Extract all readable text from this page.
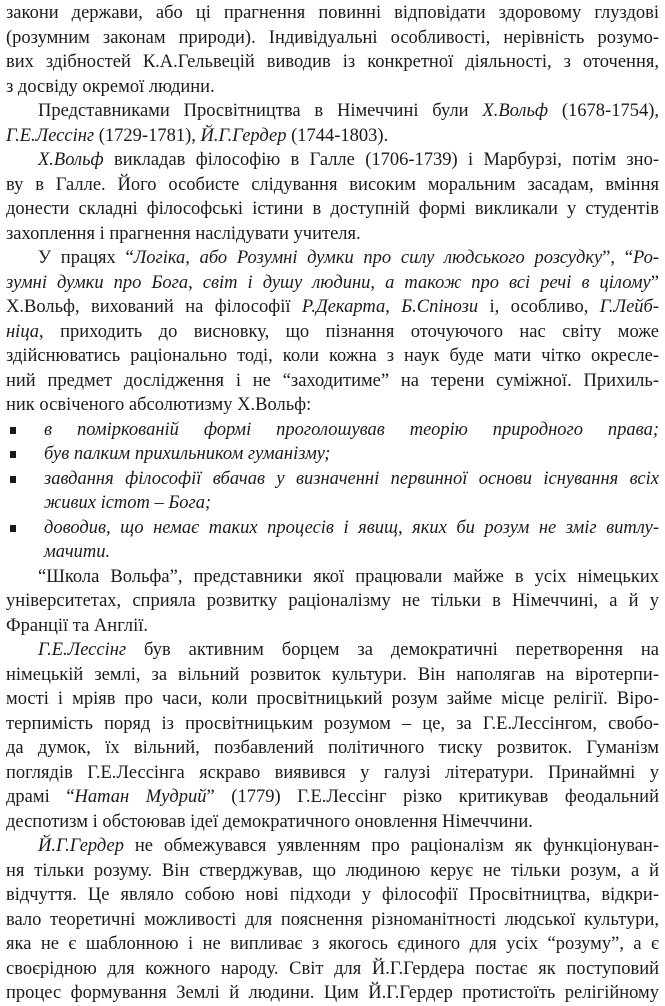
закони держави, або ці прагнення повинні відповідати здоровому глуздові
(розумним законам природи). Індивідуальні особливості, нерівність розумо-
вих здібностей К.А.Гельвецій виводив із конкретної діяльності, з оточення,
з досвіду окремої людини.
Представниками Просвітництва в Німеччині були Х.Вольф (1678-1754),
Г.Е.Лессінг (1729-1781), Й.Г.Гердер (1744-1803).
Х.Вольф викладав філософію в Галле (1706-1739) і Марбурзі, потім зно-
ву в Галле. Його особисте слідування високим моральним засадам, вміння
донести складні філософські істини в доступній формі викликали у студентів
захоплення і прагнення наслідувати учителя.
У працях “Логіка, або Розумні думки про силу людського розсудку”, “Ро-
зумні думки про Бога, світ і душу людини, а також про всі речі в цілому”
Х.Вольф, вихований на філософії Р.Декарта, Б.Спінози і, особливо, Г.Лейб-
ніца, приходить до висновку, що пізнання оточуючого нас світу може
здійснюватись раціонально тоді, коли кожна з наук буде мати чітко окресле-
ний предмет дослідження і не “заходитиме” на терени суміжної. Прихиль-
ник освіченого абсолютизму Х.Вольф:
в поміркованій формі проголошував теорію природного права;
був палким прихильником гуманізму;
завдання філософії вбачав у визначенні первинної основи існування всіх
живих істот – Бога;
доводив, що немає таких процесів і явищ, яких би розум не зміг витлу-
мачити.
“Школа Вольфа”, представники якої працювали майже в усіх німецьких
університетах, сприяла розвитку раціоналізму не тільки в Німеччині, а й у
Франції та Англії.
Г.Е.Лессінг був активним борцем за демократичні перетворення на
німецькій землі, за вільний розвиток культури. Він наполягав на віротерпи-
мості і мріяв про часи, коли просвітницький розум займе місце релігії. Віро-
терпимість поряд із просвітницьким розумом – це, за Г.Е.Лессінгом, свобо-
да думок, їх вільний, позбавлений політичного тиску розвиток. Гуманізм
поглядів Г.Е.Лессінга яскраво виявився у галузі літератури. Принаймні у
драмі “Натан Мудрий” (1779) Г.Е.Лессінг різко критикував феодальний
деспотизм і обстоював ідеї демократичного оновлення Німеччини.
Й.Г.Гердер не обмежувався уявленням про раціоналізм як функціонуван-
ня тільки розуму. Він стверджував, що людиною керує не тільки розум, а й
відчуття. Це являло собою нові підходи у філософії Просвітництва, відкри-
вало теоретичні можливості для пояснення різноманітності людської культури,
яка не є шаблонною і не випливає з якогось єдиного для усіх “розуму”, а є
своєрідною для кожного народу. Світ для Й.Г.Гердера постає як поступовий
процес формування Землі й людини. Цим Й.Г.Гердер протистоїть релігійному
